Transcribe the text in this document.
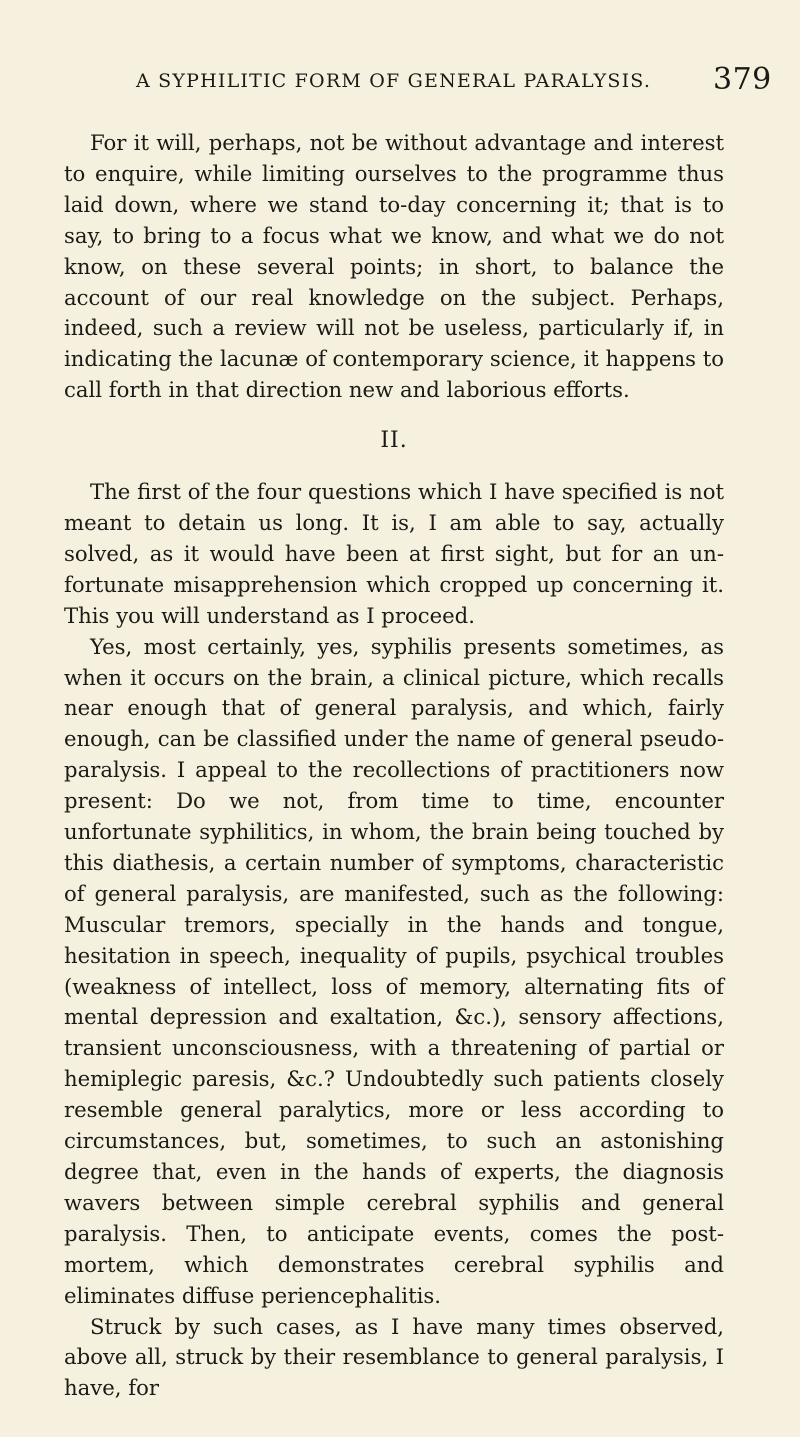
A SYPHILITIC FORM OF GENERAL PARALYSIS.	379

For it will, perhaps, not be without advantage and interest to enquire, while limiting ourselves to the programme thus laid down, where we stand to-day concerning it; that is to say, to bring to a focus what we know, and what we do not know, on these several points; in short, to balance the account of our real knowledge on the subject. Perhaps, indeed, such a review will not be useless, particularly if, in indicating the lacunæ of contemporary science, it happens to call forth in that direction new and laborious efforts.

II.

The first of the four questions which I have specified is not meant to detain us long. It is, I am able to say, actually solved, as it would have been at first sight, but for an unfortunate misapprehension which cropped up concerning it. This you will understand as I proceed.

Yes, most certainly, yes, syphilis presents sometimes, as when it occurs on the brain, a clinical picture, which recalls near enough that of general paralysis, and which, fairly enough, can be classified under the name of general pseudo-paralysis. I appeal to the recollections of practitioners now present: Do we not, from time to time, encounter unfortunate syphilitics, in whom, the brain being touched by this diathesis, a certain number of symptoms, characteristic of general paralysis, are manifested, such as the following: Muscular tremors, specially in the hands and tongue, hesitation in speech, inequality of pupils, psychical troubles (weakness of intellect, loss of memory, alternating fits of mental depression and exaltation, &c.), sensory affections, transient unconsciousness, with a threatening of partial or hemiplegic paresis, &c.? Undoubtedly such patients closely resemble general paralytics, more or less according to circumstances, but, sometimes, to such an astonishing degree that, even in the hands of experts, the diagnosis wavers between simple cerebral syphilis and general paralysis. Then, to anticipate events, comes the post-mortem, which demonstrates cerebral syphilis and eliminates diffuse periencephalitis.

Struck by such cases, as I have many times observed, above all, struck by their resemblance to general paralysis, I have, for
